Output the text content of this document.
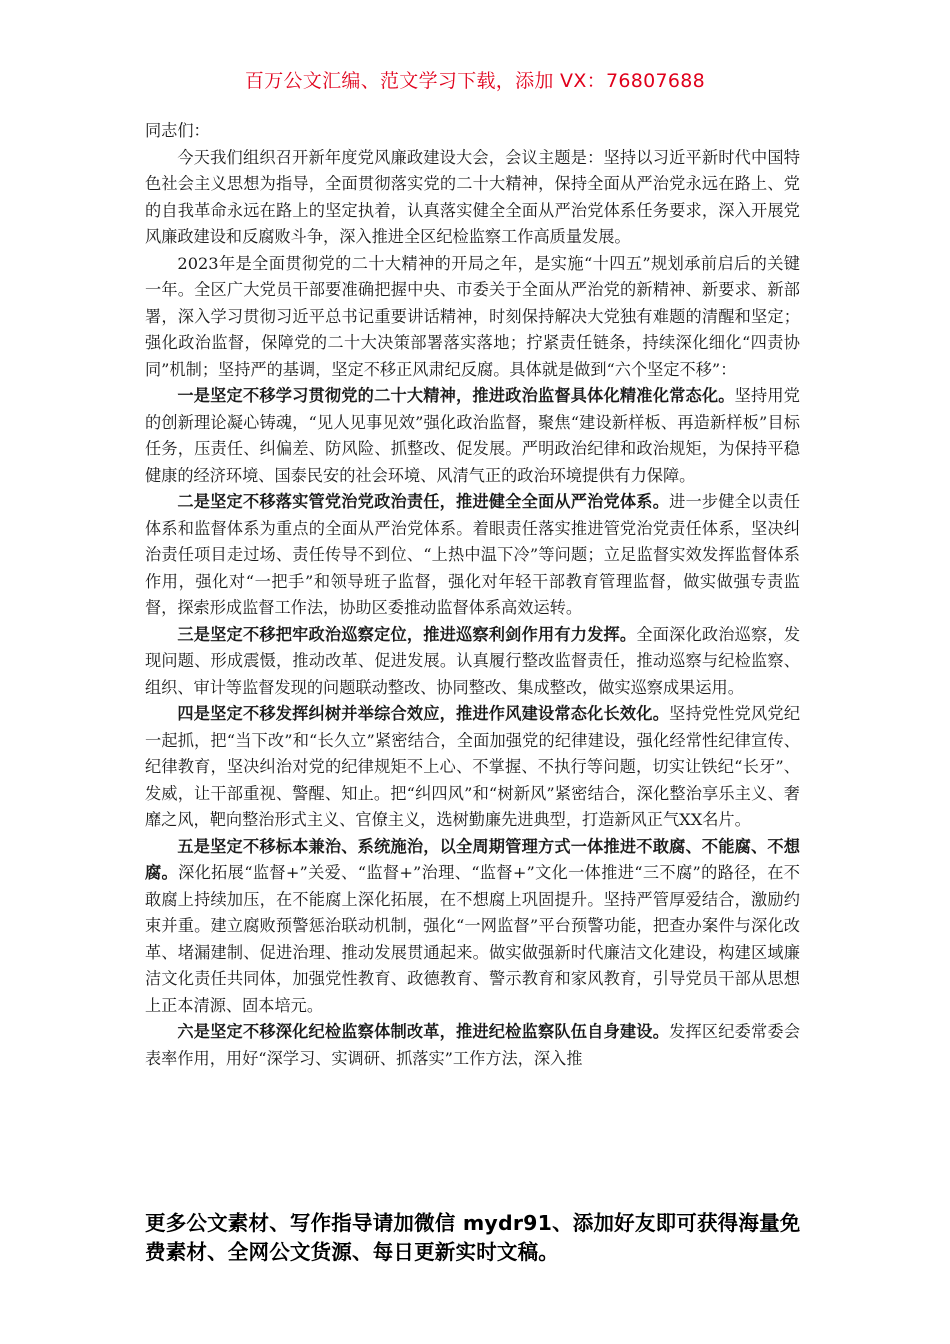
百万公文汇编、范文学习下载，添加 VX：76807688

同志们：

今天我们组织召开新年度党风廉政建设大会，会议主题是：坚持以习近平新时代中国特色社会主义思想为指导，全面贯彻落实党的二十大精神，保持全面从严治党永远在路上、党的自我革命永远在路上的坚定执着，认真落实健全全面从严治党体系任务要求，深入开展党风廉政建设和反腐败斗争，深入推进全区纪检监察工作高质量发展。

2023年是全面贯彻党的二十大精神的开局之年，是实施“十四五”规划承前启后的关键一年。全区广大党员干部要准确把握中央、市委关于全面从严治党的新精神、新要求、新部署，深入学习贯彻习近平总书记重要讲话精神，时刻保持解决大党独有难题的清醒和坚定；强化政治监督，保障党的二十大决策部署落实落地；拧紧责任链条，持续深化细化“四责协同”机制；坚持严的基调，坚定不移正风肃纪反腐。具体就是做到“六个坚定不移”：

一是坚定不移学习贯彻党的二十大精神，推进政治监督具体化精准化常态化。坚持用党的创新理论凝心铸魂，“见人见事见效”强化政治监督，聚焦“建设新样板、再造新样板”目标任务，压责任、纠偏差、防风险、抓整改、促发展。严明政治纪律和政治规矩，为保持平稳健康的经济环境、国泰民安的社会环境、风清气正的政治环境提供有力保障。

二是坚定不移落实管党治党政治责任，推进健全全面从严治党体系。进一步健全以责任体系和监督体系为重点的全面从严治党体系。着眼责任落实推进管党治党责任体系，坚决纠治责任项目走过场、责任传导不到位、“上热中温下冷”等问题；立足监督实效发挥监督体系作用，强化对“一把手”和领导班子监督，强化对年轻干部教育管理监督，做实做强专责监督，探索形成监督工作法，协助区委推动监督体系高效运转。

三是坚定不移把牢政治巡察定位，推进巡察利剑作用有力发挥。全面深化政治巡察，发现问题、形成震慑，推动改革、促进发展。认真履行整改监督责任，推动巡察与纪检监察、组织、审计等监督发现的问题联动整改、协同整改、集成整改，做实巡察成果运用。

四是坚定不移发挥纠树并举综合效应，推进作风建设常态化长效化。坚持党性党风党纪一起抓，把“当下改”和“长久立”紧密结合，全面加强党的纪律建设，强化经常性纪律宣传、纪律教育，坚决纠治对党的纪律规矩不上心、不掌握、不执行等问题，切实让铁纪“长牙”、发威，让干部重视、警醒、知止。把“纠四风”和“树新风”紧密结合，深化整治享乐主义、奢靡之风，靶向整治形式主义、官僚主义，选树勤廉先进典型，打造新风正气XX名片。

五是坚定不移标本兼治、系统施治，以全周期管理方式一体推进不敢腐、不能腐、不想腐。深化拓展“监督+”关爱、“监督+”治理、“监督+”文化一体推进“三不腐”的路径，在不敢腐上持续加压，在不能腐上深化拓展，在不想腐上巩固提升。坚持严管厚爱结合，激励约束并重。建立腐败预警惩治联动机制，强化“一网监督”平台预警功能，把查办案件与深化改革、堵漏建制、促进治理、推动发展贯通起来。做实做强新时代廉洁文化建设，构建区域廉洁文化责任共同体，加强党性教育、政德教育、警示教育和家风教育，引导党员干部从思想上正本清源、固本培元。

六是坚定不移深化纪检监察体制改革，推进纪检监察队伍自身建设。发挥区纪委常委会表率作用，用好“深学习、实调研、抓落实”工作方法，深入推

更多公文素材、写作指导请加微信 mydr91、添加好友即可获得海量免费素材、全网公文货源、每日更新实时文稿。
